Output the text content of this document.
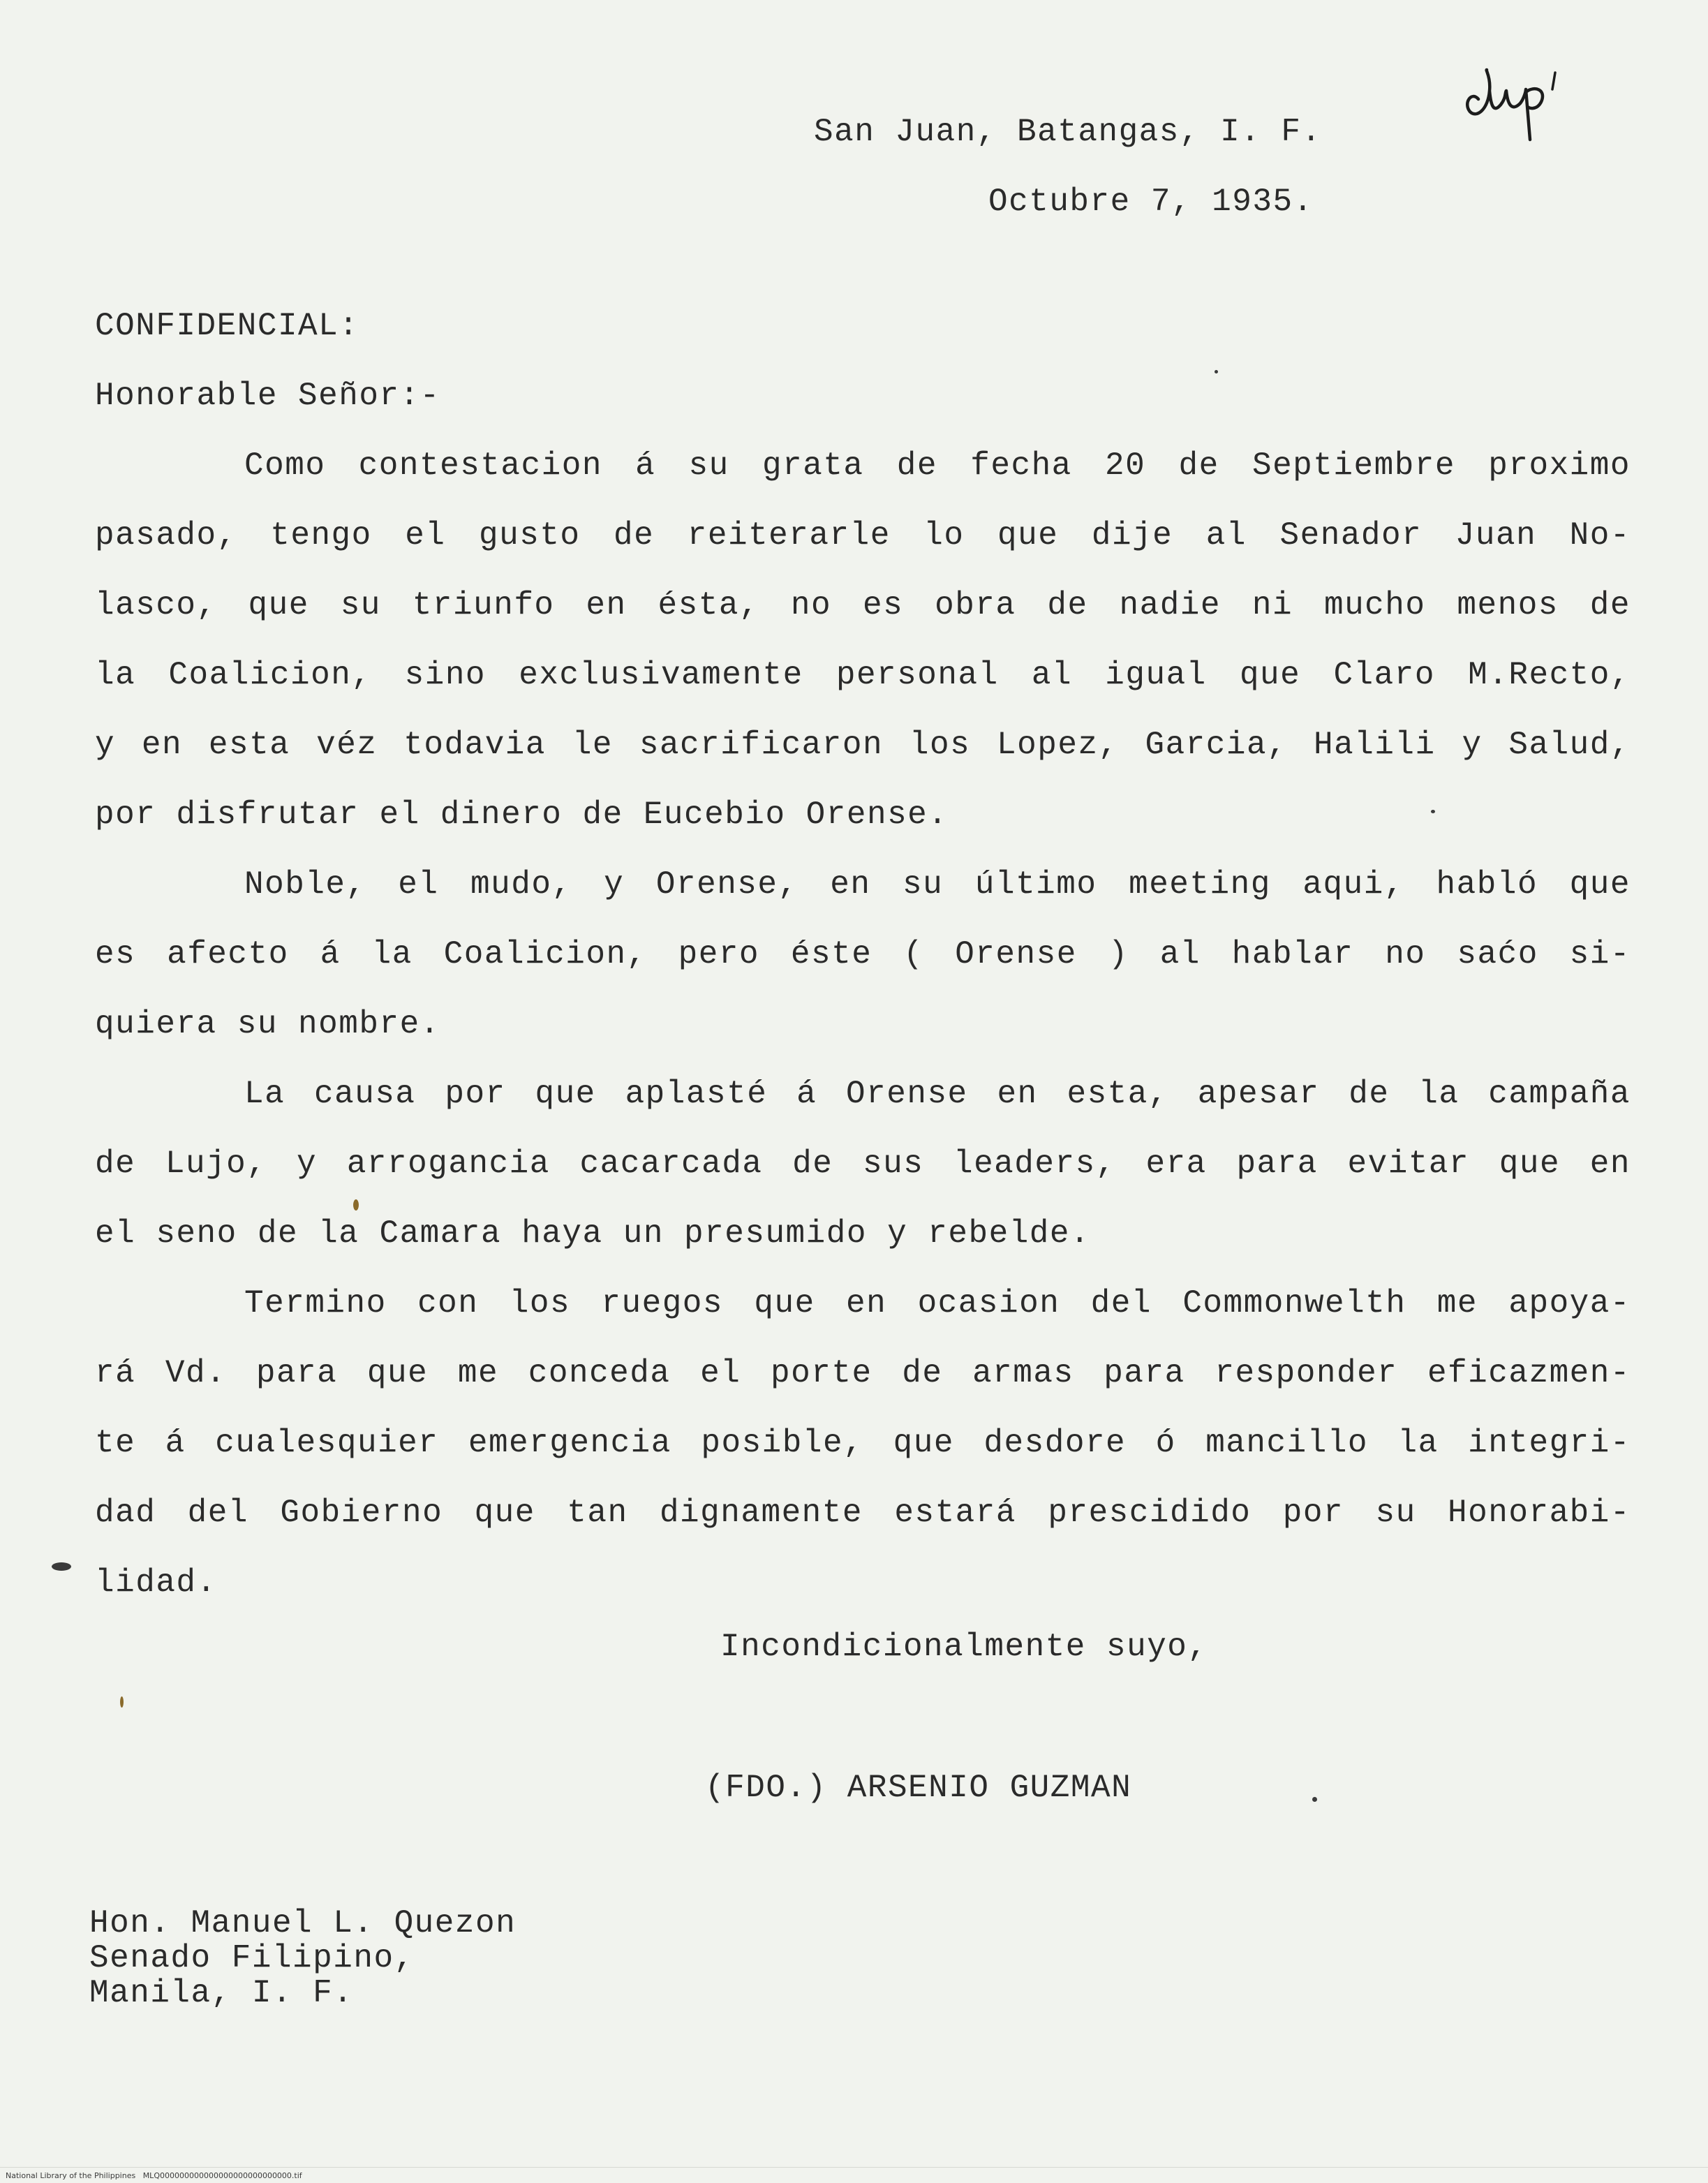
San Juan, Batangas, I. F.
Octubre 7, 1935.
CONFIDENCIAL:
Honorable Señor:-
Como contestacion á su grata de fecha 20 de Septiembre proximo
pasado, tengo el gusto de reiterarle lo que dije al Senador Juan No-
lasco, que su triunfo en ésta, no es obra de nadie ni mucho menos de
la Coalicion, sino exclusivamente personal al igual que Claro M.Recto,
y en esta véz todavia le sacrificaron los Lopez, Garcia, Halili y Salud,
por disfrutar el dinero de Eucebio Orense.
Noble, el mudo, y Orense, en su último meeting aqui, habló que
es afecto á la Coalicion, pero éste ( Orense ) al hablar no saćo si-
quiera su nombre.
La causa por que aplasté á Orense en esta, apesar de la campaña
de Lujo, y arrogancia cacarcada de sus leaders, era para evitar que en
el seno de la Camara haya un presumido y rebelde.
Termino con los ruegos que en ocasion del Commonwelth me apoya-
rá Vd. para que me conceda el porte de armas para responder eficazmen-
te á cualesquier emergencia posible, que desdore ó mancillo la integri-
dad del Gobierno que tan dignamente estará prescidido por su Honorabi-
lidad.
Incondicionalmente suyo,
(FDO.) ARSENIO GUZMAN
Hon. Manuel L. Quezon
Senado Filipino,
Manila, I. F.
National Library of the Philippines   MLQ000000000000000000000000000.tif
